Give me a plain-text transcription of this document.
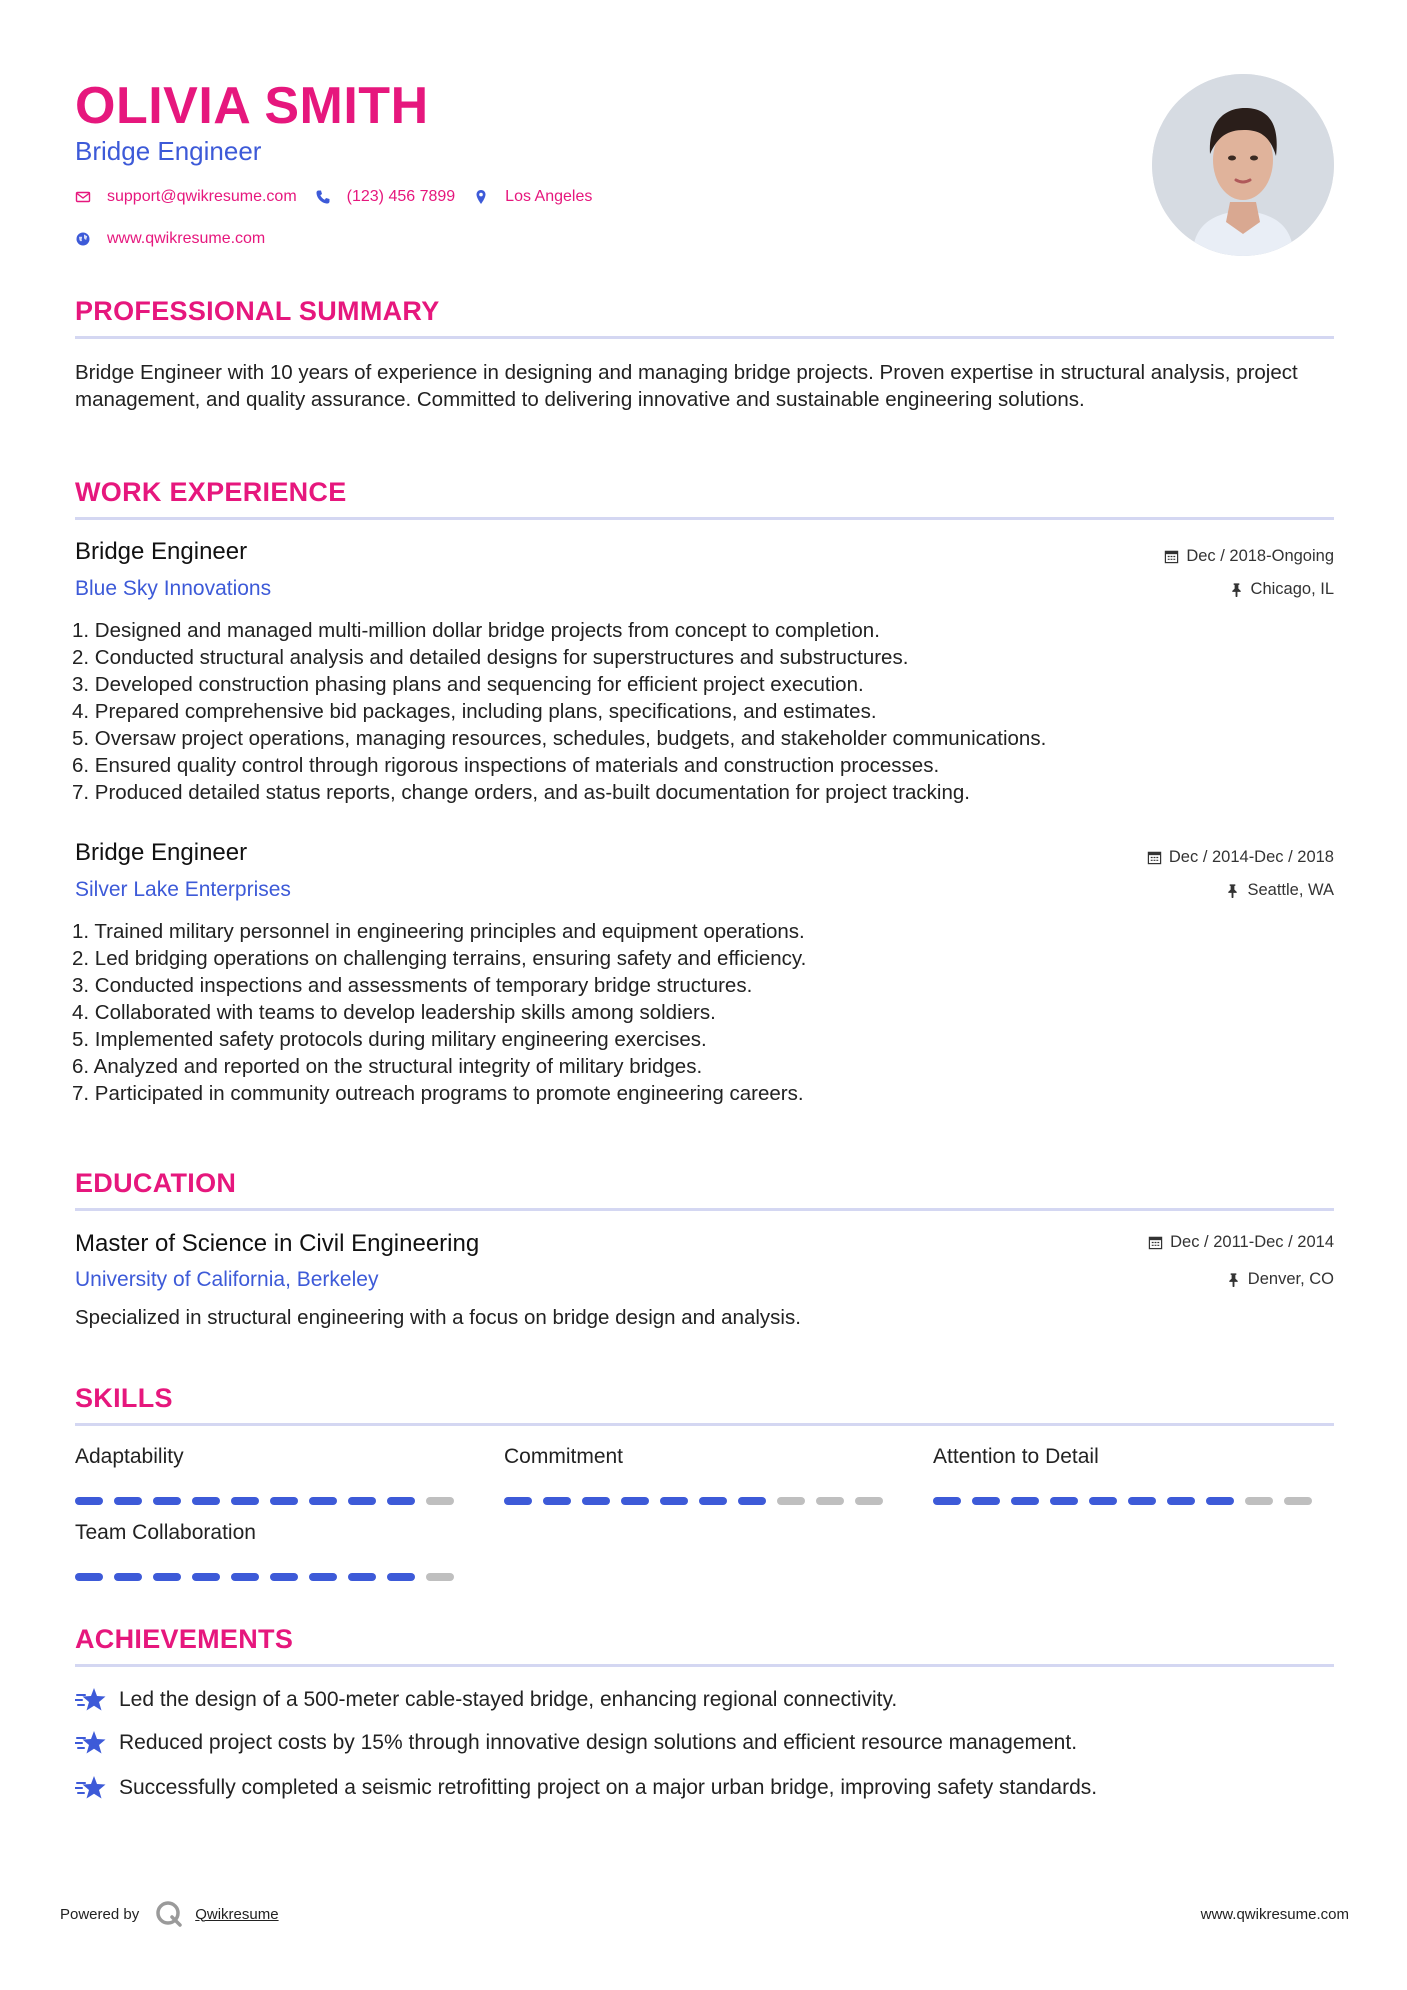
OLIVIA SMITH
Bridge Engineer
support@qwikresume.com	(123) 456 7899	Los Angeles
www.qwikresume.com
PROFESSIONAL SUMMARY
Bridge Engineer with 10 years of experience in designing and managing bridge projects. Proven expertise in structural analysis, project management, and quality assurance. Committed to delivering innovative and sustainable engineering solutions.
WORK EXPERIENCE
Bridge Engineer	Dec / 2018-Ongoing
Blue Sky Innovations	Chicago, IL
1. Designed and managed multi-million dollar bridge projects from concept to completion.
2. Conducted structural analysis and detailed designs for superstructures and substructures.
3. Developed construction phasing plans and sequencing for efficient project execution.
4. Prepared comprehensive bid packages, including plans, specifications, and estimates.
5. Oversaw project operations, managing resources, schedules, budgets, and stakeholder communications.
6. Ensured quality control through rigorous inspections of materials and construction processes.
7. Produced detailed status reports, change orders, and as-built documentation for project tracking.
Bridge Engineer	Dec / 2014-Dec / 2018
Silver Lake Enterprises	Seattle, WA
1. Trained military personnel in engineering principles and equipment operations.
2. Led bridging operations on challenging terrains, ensuring safety and efficiency.
3. Conducted inspections and assessments of temporary bridge structures.
4. Collaborated with teams to develop leadership skills among soldiers.
5. Implemented safety protocols during military engineering exercises.
6. Analyzed and reported on the structural integrity of military bridges.
7. Participated in community outreach programs to promote engineering careers.
EDUCATION
Master of Science in Civil Engineering	Dec / 2011-Dec / 2014
University of California, Berkeley	Denver, CO
Specialized in structural engineering with a focus on bridge design and analysis.
SKILLS
Adaptability	Commitment	Attention to Detail
Team Collaboration
ACHIEVEMENTS
Led the design of a 500-meter cable-stayed bridge, enhancing regional connectivity.
Reduced project costs by 15% through innovative design solutions and efficient resource management.
Successfully completed a seismic retrofitting project on a major urban bridge, improving safety standards.
Powered by	Qwikresume	www.qwikresume.com
